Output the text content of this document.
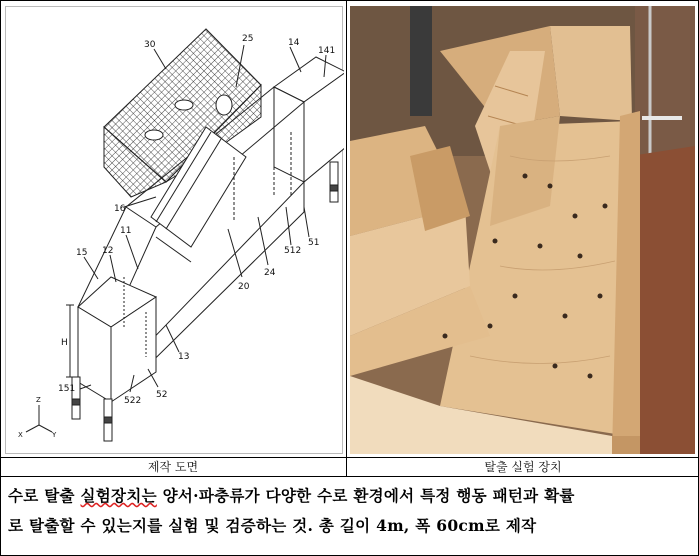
30
25	14
141
16
15 12
11
20
24
512
51
13
H
151
522
52
Z
X	Y
제작 도면	탈출 실험 장치
수로 탈출 실험장치는 양서·파충류가 다양한 수로 환경에서 특정 행동 패턴과 확률
로 탈출할 수 있는지를 실험 및 검증하는 것. 총 길이 4m, 폭 60cm로 제작
